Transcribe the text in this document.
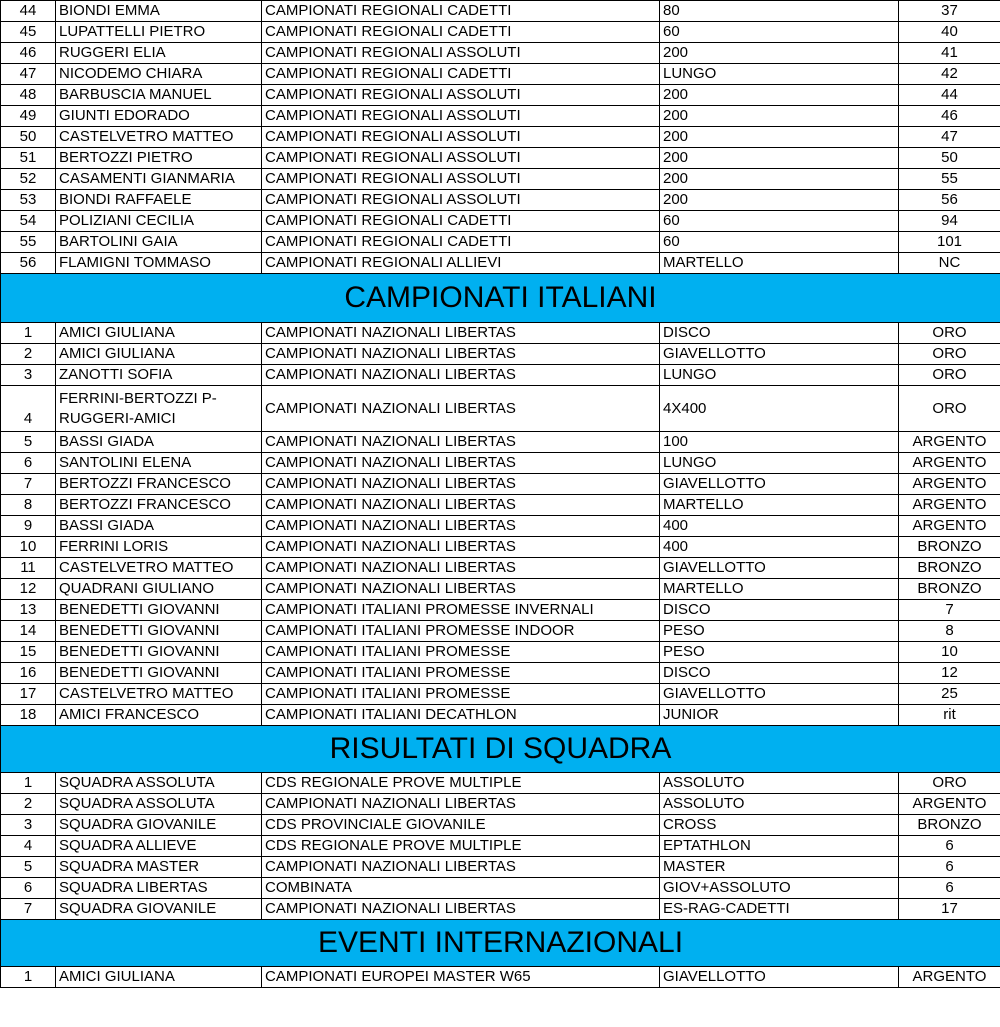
44	BIONDI EMMA	CAMPIONATI REGIONALI CADETTI	80	37
45	LUPATTELLI PIETRO	CAMPIONATI REGIONALI CADETTI	60	40
46	RUGGERI ELIA	CAMPIONATI REGIONALI ASSOLUTI	200	41
47	NICODEMO CHIARA	CAMPIONATI REGIONALI CADETTI	LUNGO	42
48	BARBUSCIA MANUEL	CAMPIONATI REGIONALI ASSOLUTI	200	44
49	GIUNTI EDORADO	CAMPIONATI REGIONALI ASSOLUTI	200	46
50	CASTELVETRO MATTEO	CAMPIONATI REGIONALI ASSOLUTI	200	47
51	BERTOZZI PIETRO	CAMPIONATI REGIONALI ASSOLUTI	200	50
52	CASAMENTI GIANMARIA	CAMPIONATI REGIONALI ASSOLUTI	200	55
53	BIONDI RAFFAELE	CAMPIONATI REGIONALI ASSOLUTI	200	56
54	POLIZIANI CECILIA	CAMPIONATI REGIONALI CADETTI	60	94
55	BARTOLINI GAIA	CAMPIONATI REGIONALI CADETTI	60	101
56	FLAMIGNI TOMMASO	CAMPIONATI REGIONALI ALLIEVI	MARTELLO	NC
CAMPIONATI ITALIANI				
1	AMICI GIULIANA	CAMPIONATI NAZIONALI LIBERTAS	DISCO	ORO
2	AMICI GIULIANA	CAMPIONATI NAZIONALI LIBERTAS	GIAVELLOTTO	ORO
3	ZANOTTI SOFIA	CAMPIONATI NAZIONALI LIBERTAS	LUNGO	ORO
4	FERRINI-BERTOZZI P-RUGGERI-AMICI	CAMPIONATI NAZIONALI LIBERTAS	4X400	ORO
5	BASSI GIADA	CAMPIONATI NAZIONALI LIBERTAS	100	ARGENTO
6	SANTOLINI ELENA	CAMPIONATI NAZIONALI LIBERTAS	LUNGO	ARGENTO
7	BERTOZZI FRANCESCO	CAMPIONATI NAZIONALI LIBERTAS	GIAVELLOTTO	ARGENTO
8	BERTOZZI FRANCESCO	CAMPIONATI NAZIONALI LIBERTAS	MARTELLO	ARGENTO
9	BASSI GIADA	CAMPIONATI NAZIONALI LIBERTAS	400	ARGENTO
10	FERRINI LORIS	CAMPIONATI NAZIONALI LIBERTAS	400	BRONZO
11	CASTELVETRO MATTEO	CAMPIONATI NAZIONALI LIBERTAS	GIAVELLOTTO	BRONZO
12	QUADRANI GIULIANO	CAMPIONATI NAZIONALI LIBERTAS	MARTELLO	BRONZO
13	BENEDETTI GIOVANNI	CAMPIONATI ITALIANI PROMESSE INVERNALI	DISCO	7
14	BENEDETTI GIOVANNI	CAMPIONATI ITALIANI PROMESSE INDOOR	PESO	8
15	BENEDETTI GIOVANNI	CAMPIONATI ITALIANI PROMESSE	PESO	10
16	BENEDETTI GIOVANNI	CAMPIONATI ITALIANI PROMESSE	DISCO	12
17	CASTELVETRO MATTEO	CAMPIONATI ITALIANI PROMESSE	GIAVELLOTTO	25
18	AMICI FRANCESCO	CAMPIONATI ITALIANI DECATHLON	JUNIOR	rit
RISULTATI DI SQUADRA				
1	SQUADRA ASSOLUTA	CDS REGIONALE PROVE MULTIPLE	ASSOLUTO	ORO
2	SQUADRA ASSOLUTA	CAMPIONATI NAZIONALI LIBERTAS	ASSOLUTO	ARGENTO
3	SQUADRA GIOVANILE	CDS PROVINCIALE GIOVANILE	CROSS	BRONZO
4	SQUADRA ALLIEVE	CDS REGIONALE PROVE MULTIPLE	EPTATHLON	6
5	SQUADRA MASTER	CAMPIONATI NAZIONALI LIBERTAS	MASTER	6
6	SQUADRA LIBERTAS	COMBINATA	GIOV+ASSOLUTO	6
7	SQUADRA GIOVANILE	CAMPIONATI NAZIONALI LIBERTAS	ES-RAG-CADETTI	17
EVENTI INTERNAZIONALI				
1	AMICI GIULIANA	CAMPIONATI EUROPEI MASTER W65	GIAVELLOTTO	ARGENTO
